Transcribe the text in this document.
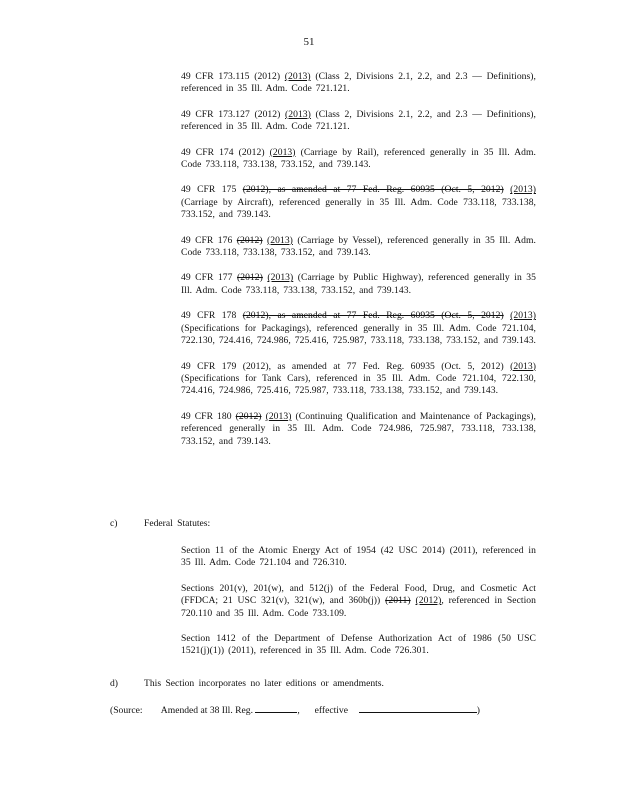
51
49 CFR 173.115 (2012) (2013) (Class 2, Divisions 2.1, 2.2, and 2.3 — Definitions), referenced in 35 Ill. Adm. Code 721.121.
49 CFR 173.127 (2012) (2013) (Class 2, Divisions 2.1, 2.2, and 2.3 — Definitions), referenced in 35 Ill. Adm. Code 721.121.
49 CFR 174 (2012) (2013) (Carriage by Rail), referenced generally in 35 Ill. Adm. Code 733.118, 733.138, 733.152, and 739.143.
49 CFR 175 (2012), as amended at 77 Fed. Reg. 60935 (Oct. 5, 2012) (2013) (Carriage by Aircraft), referenced generally in 35 Ill. Adm. Code 733.118, 733.138, 733.152, and 739.143.
49 CFR 176 (2012) (2013) (Carriage by Vessel), referenced generally in 35 Ill. Adm. Code 733.118, 733.138, 733.152, and 739.143.
49 CFR 177 (2012) (2013) (Carriage by Public Highway), referenced generally in 35 Ill. Adm. Code 733.118, 733.138, 733.152, and 739.143.
49 CFR 178 (2012), as amended at 77 Fed. Reg. 60935 (Oct. 5, 2012) (2013) (Specifications for Packagings), referenced generally in 35 Ill. Adm. Code 721.104, 722.130, 724.416, 724.986, 725.416, 725.987, 733.118, 733.138, 733.152, and 739.143.
49 CFR 179 (2012), as amended at 77 Fed. Reg. 60935 (Oct. 5, 2012) (2013) (Specifications for Tank Cars), referenced in 35 Ill. Adm. Code 721.104, 722.130, 724.416, 724.986, 725.416, 725.987, 733.118, 733.138, 733.152, and 739.143.
49 CFR 180 (2012) (2013) (Continuing Qualification and Maintenance of Packagings), referenced generally in 35 Ill. Adm. Code 724.986, 725.987, 733.118, 733.138, 733.152, and 739.143.
c)	Federal Statutes:
Section 11 of the Atomic Energy Act of 1954 (42 USC 2014) (2011), referenced in 35 Ill. Adm. Code 721.104 and 726.310.
Sections 201(v), 201(w), and 512(j) of the Federal Food, Drug, and Cosmetic Act (FFDCA; 21 USC 321(v), 321(w), and 360b(j)) (2011) (2012), referenced in Section 720.110 and 35 Ill. Adm. Code 733.109.
Section 1412 of the Department of Defense Authorization Act of 1986 (50 USC 1521(j)(1)) (2011), referenced in 35 Ill. Adm. Code 726.301.
d)	This Section incorporates no later editions or amendments.
(Source: Amended at 38 Ill. Reg.	,  effective	)
